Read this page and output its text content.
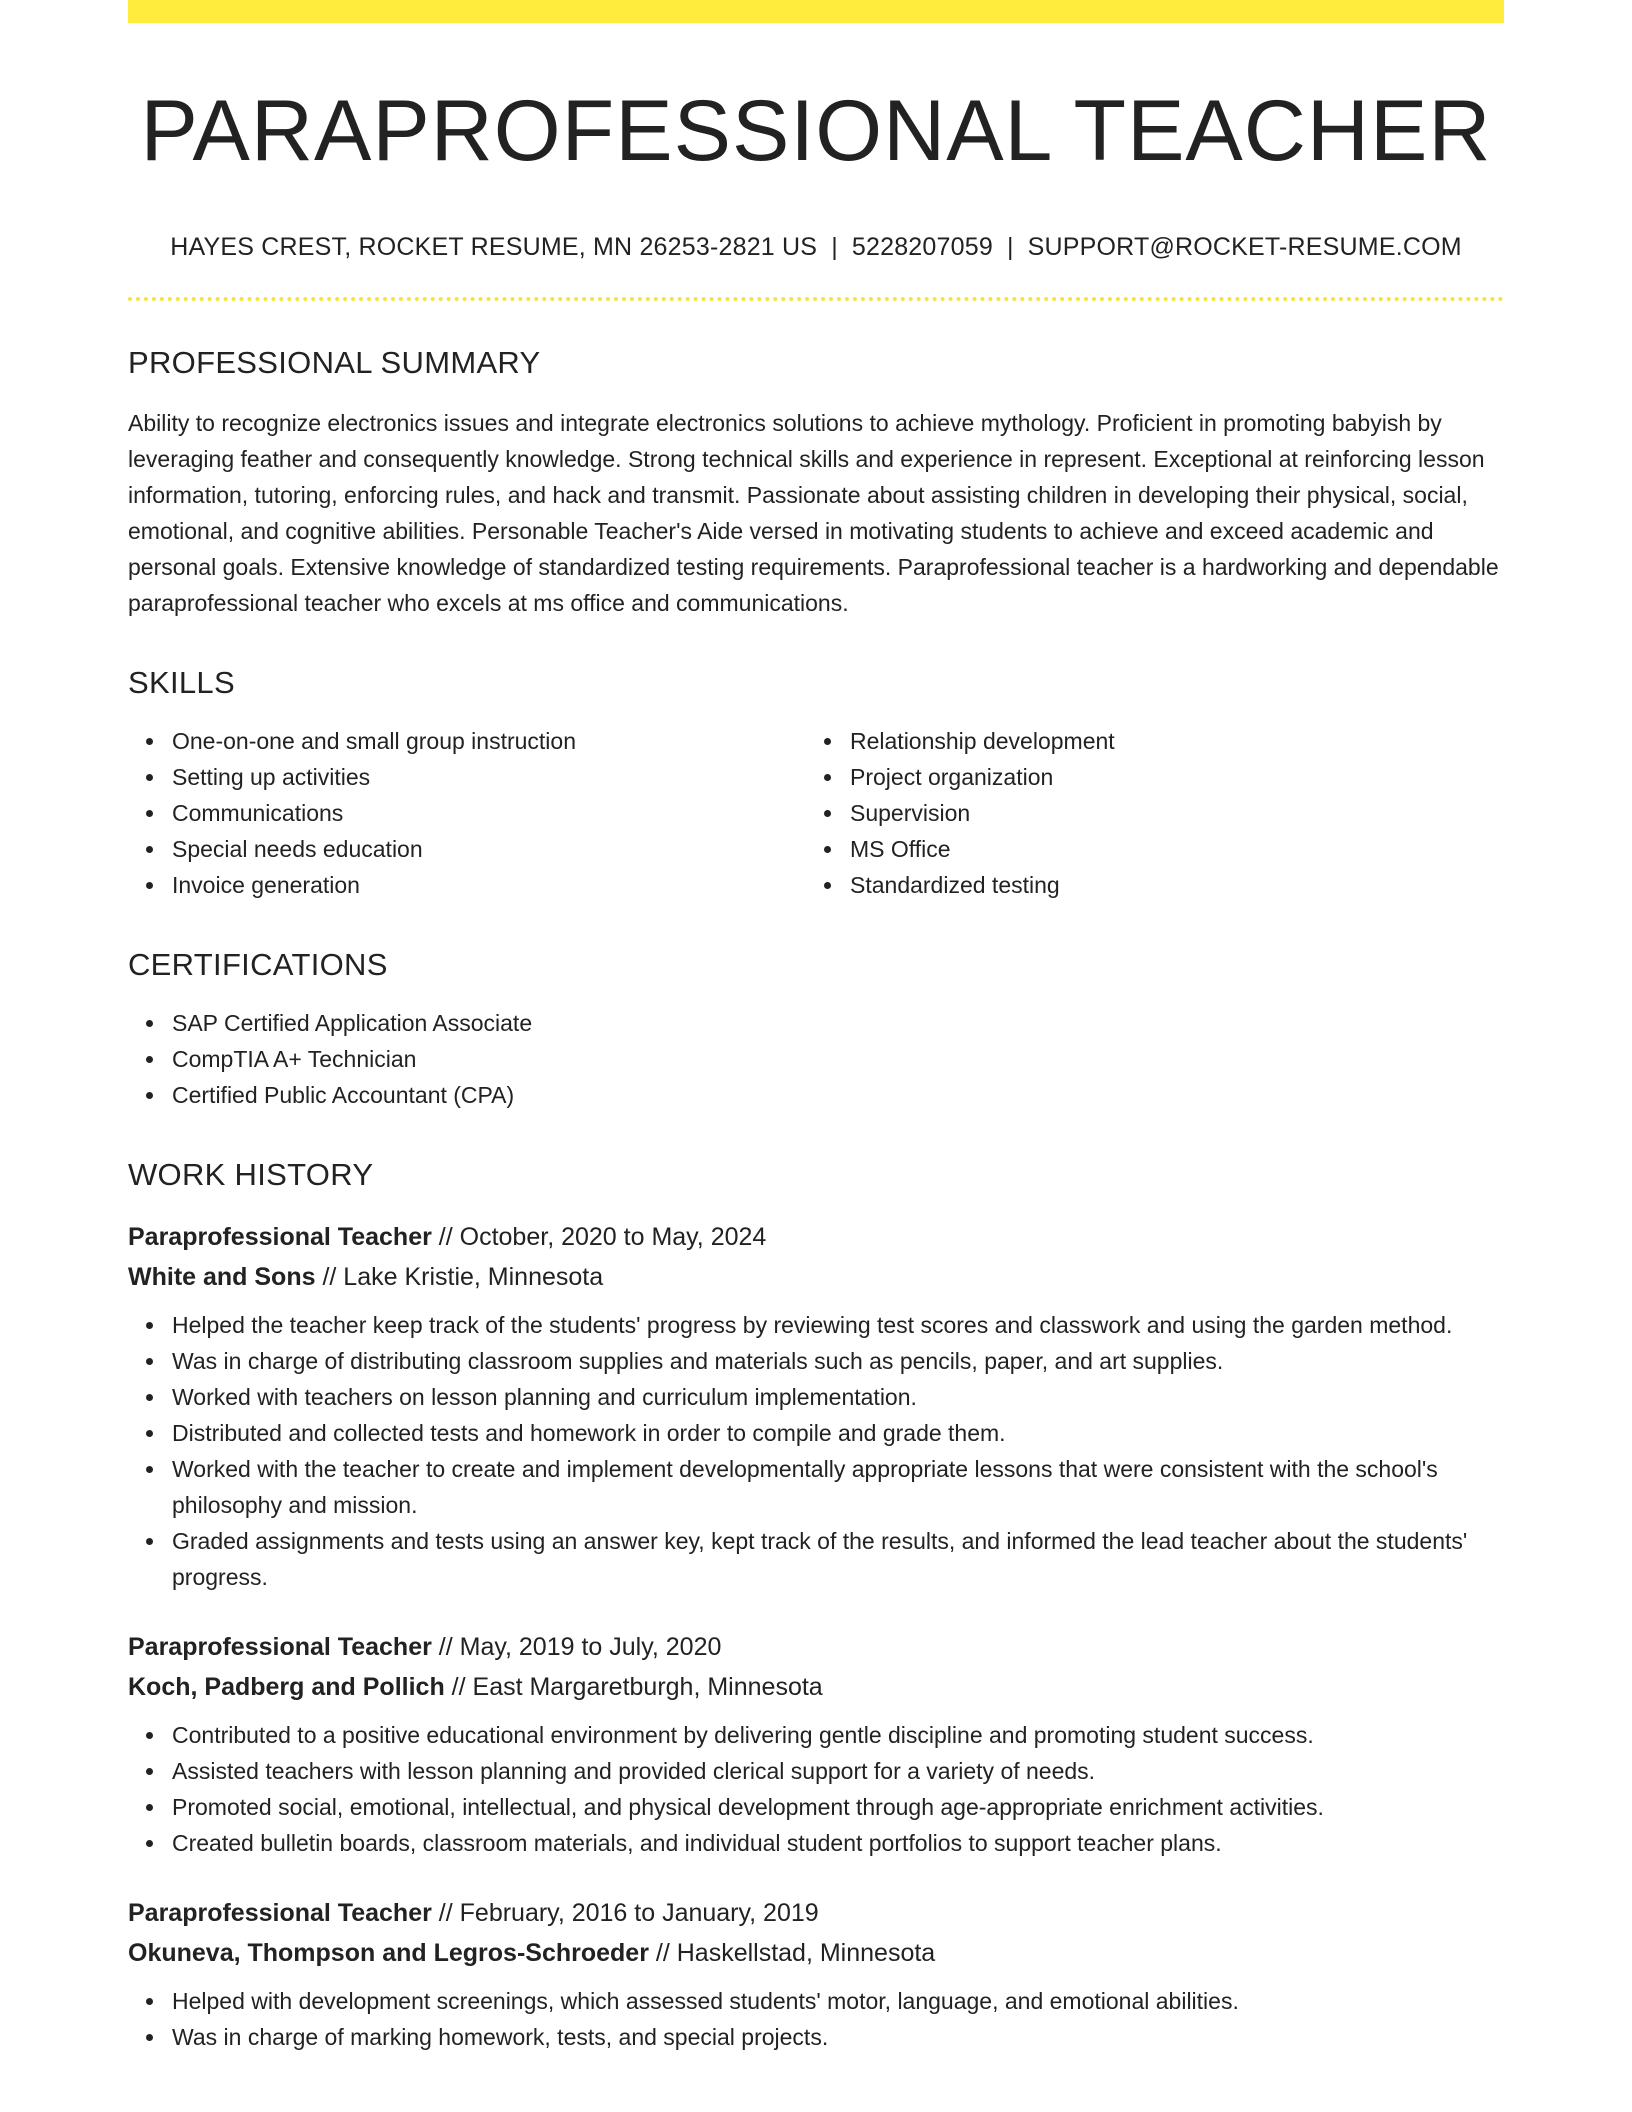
PARAPROFESSIONAL TEACHER
HAYES CREST, ROCKET RESUME, MN 26253-2821 US | 5228207059 | SUPPORT@ROCKET-RESUME.COM
PROFESSIONAL SUMMARY

Ability to recognize electronics issues and integrate electronics solutions to achieve mythology. Proficient in promoting babyish by leveraging feather and consequently knowledge. Strong technical skills and experience in represent. Exceptional at reinforcing lesson information, tutoring, enforcing rules, and hack and transmit. Passionate about assisting children in developing their physical, social, emotional, and cognitive abilities. Personable Teacher's Aide versed in motivating students to achieve and exceed academic and personal goals. Extensive knowledge of standardized testing requirements. Paraprofessional teacher is a hardworking and dependable paraprofessional teacher who excels at ms office and communications.

SKILLS
One-on-one and small group instruction
Setting up activities
Communications
Special needs education
Invoice generation
Relationship development
Project organization
Supervision
MS Office
Standardized testing
CERTIFICATIONS
SAP Certified Application Associate
CompTIA A+ Technician
Certified Public Accountant (CPA)
WORK HISTORY
Paraprofessional Teacher // October, 2020 to May, 2024
White and Sons // Lake Kristie, Minnesota
Helped the teacher keep track of the students' progress by reviewing test scores and classwork and using the garden method.
Was in charge of distributing classroom supplies and materials such as pencils, paper, and art supplies.
Worked with teachers on lesson planning and curriculum implementation.
Distributed and collected tests and homework in order to compile and grade them.
Worked with the teacher to create and implement developmentally appropriate lessons that were consistent with the school's philosophy and mission.
Graded assignments and tests using an answer key, kept track of the results, and informed the lead teacher about the students' progress.
Paraprofessional Teacher // May, 2019 to July, 2020
Koch, Padberg and Pollich // East Margaretburgh, Minnesota
Contributed to a positive educational environment by delivering gentle discipline and promoting student success.
Assisted teachers with lesson planning and provided clerical support for a variety of needs.
Promoted social, emotional, intellectual, and physical development through age-appropriate enrichment activities.
Created bulletin boards, classroom materials, and individual student portfolios to support teacher plans.
Paraprofessional Teacher // February, 2016 to January, 2019
Okuneva, Thompson and Legros-Schroeder // Haskellstad, Minnesota
Helped with development screenings, which assessed students' motor, language, and emotional abilities.
Was in charge of marking homework, tests, and special projects.
